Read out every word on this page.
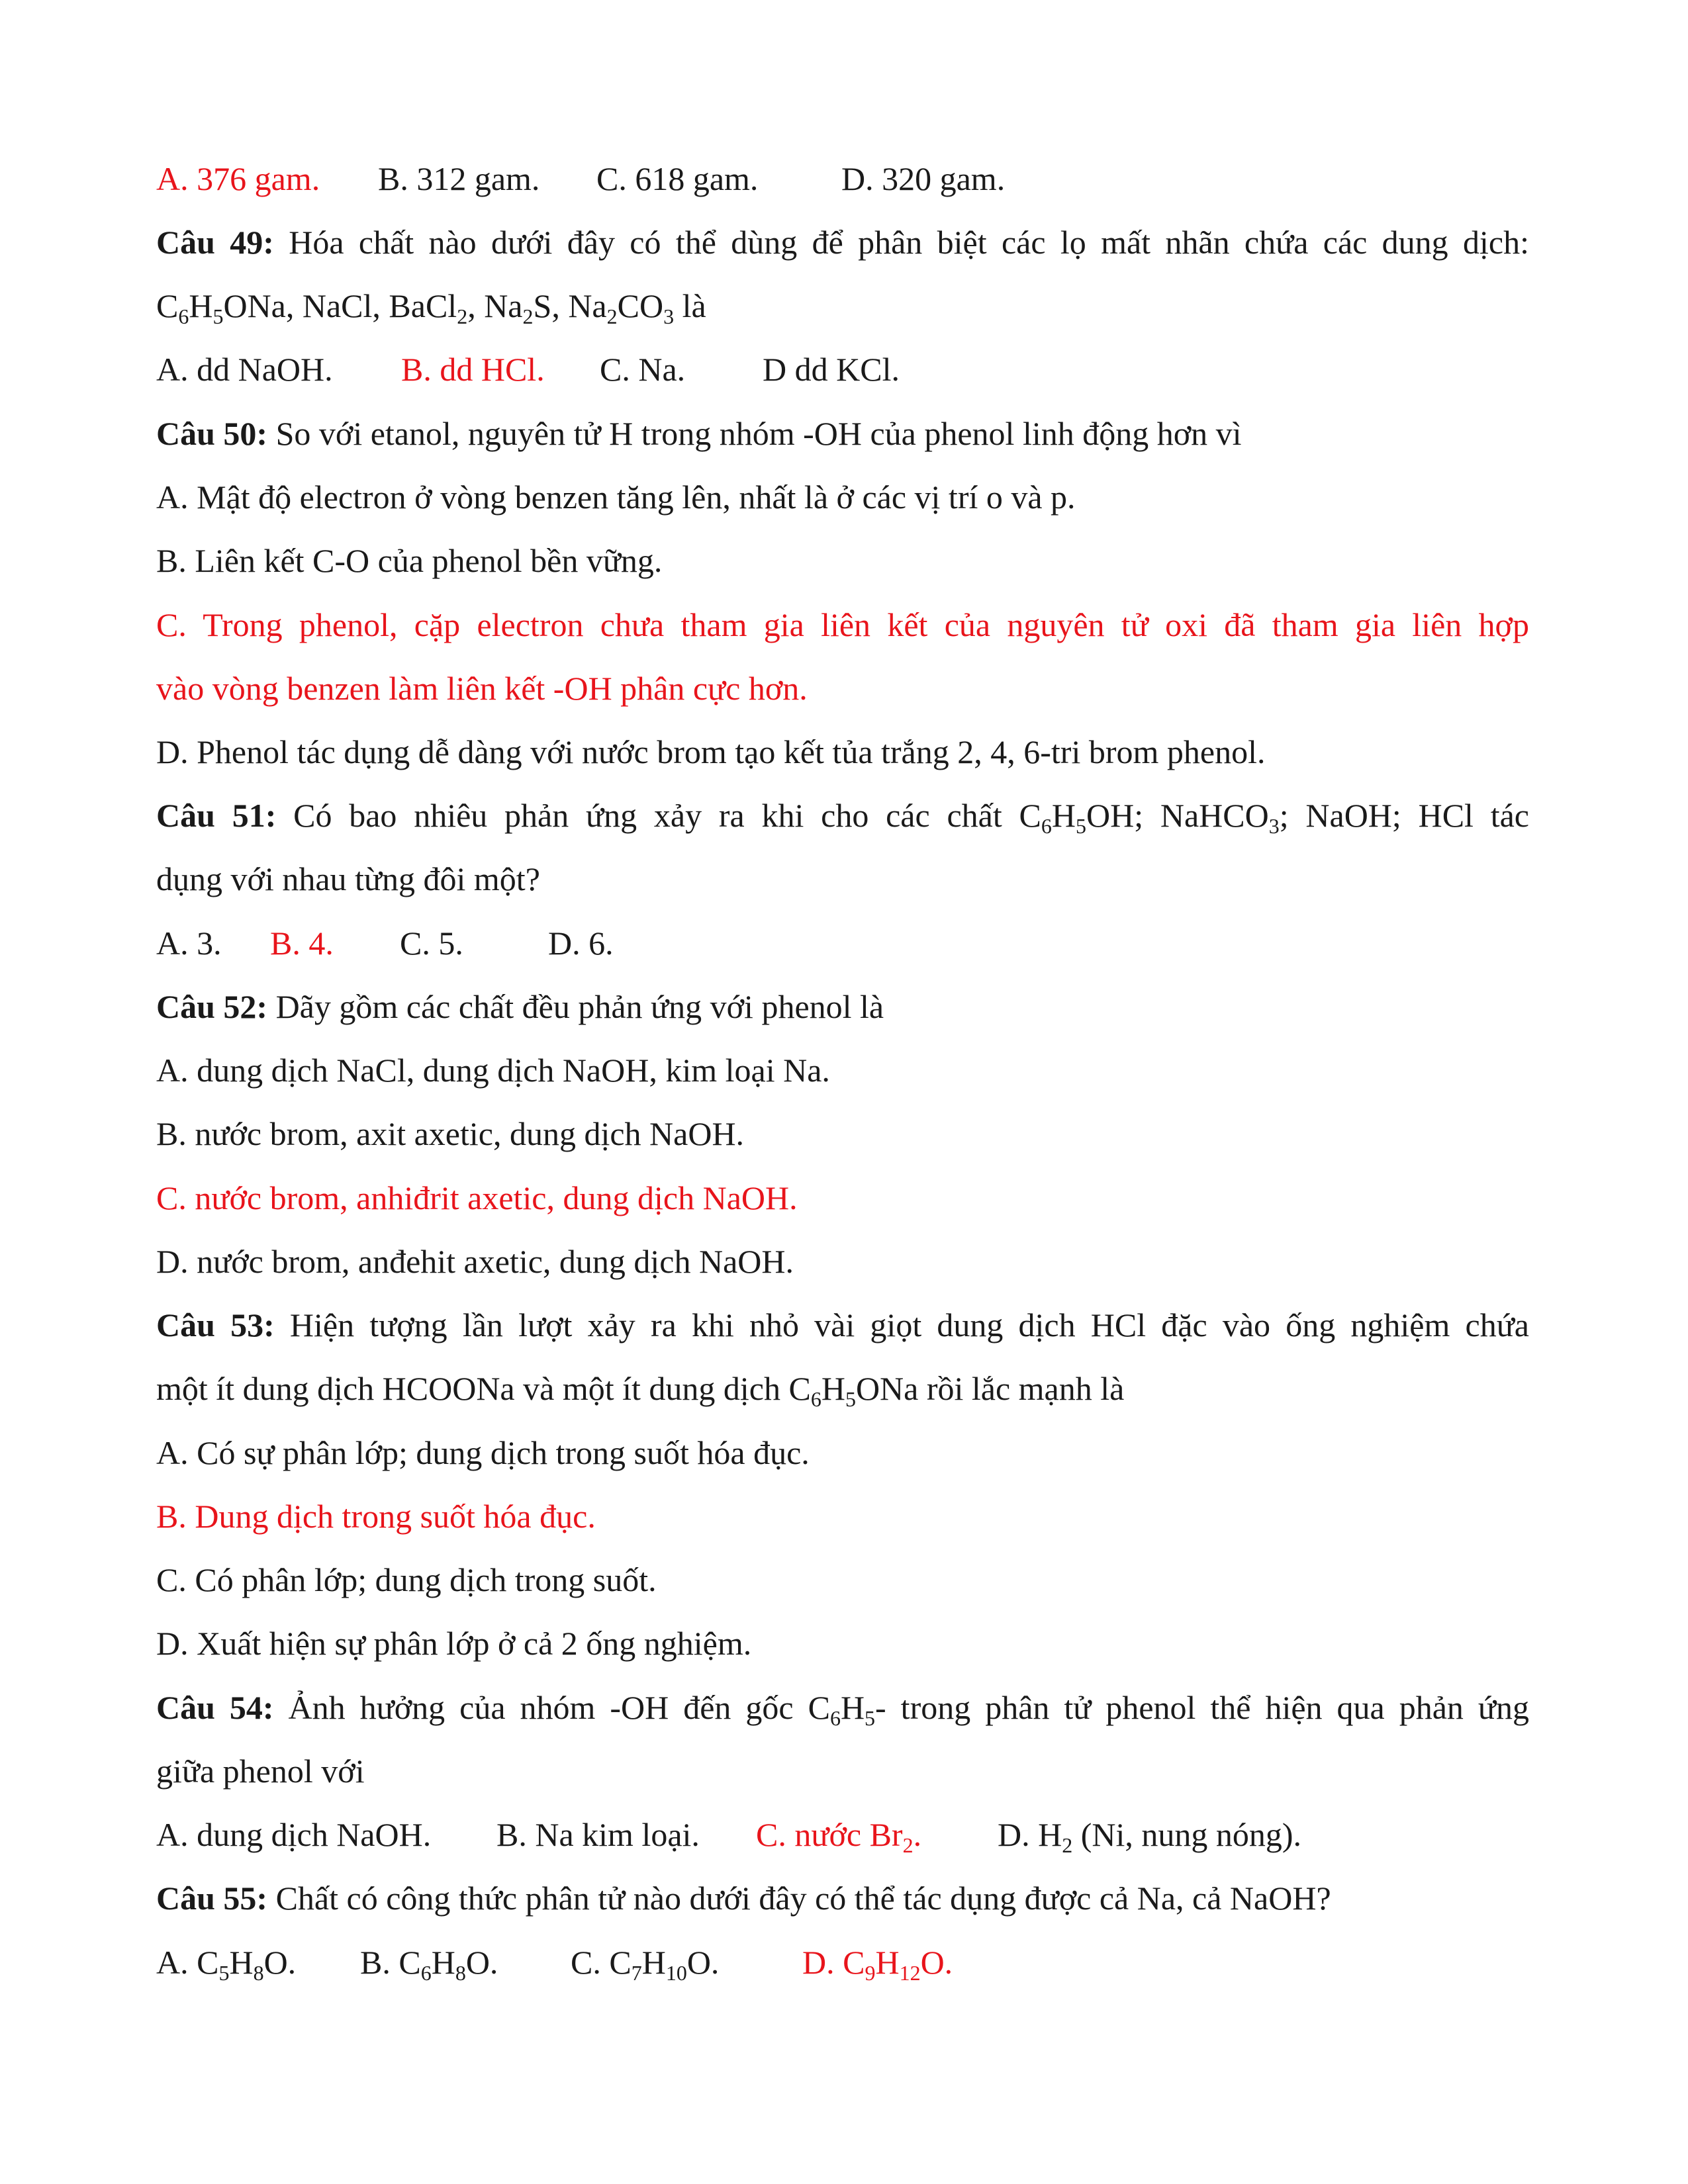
A. 376 gam. B. 312 gam. C. 618 gam.	D. 320 gam.
Câu 49: Hóa chất nào dưới đây có thể dùng để phân biệt các lọ mất nhãn chứa các dung dịch:
$C_6H_5ONa$, NaCl, BaCl$_2$, $Na_2S$, $Na_2CO_3$ là
A. dd NaOH. B. dd HCl. C. Na. D dd KCl.
Câu 50: So với etanol, nguyên tử H trong nhóm -OH của phenol linh động hơn vì
A. Mật độ electron ở vòng benzen tăng lên, nhất là ở các vị trí o và p.
B. Liên kết C-O của phenol bền vững.
C. Trong phenol, cặp electron chưa tham gia liên kết của nguyên tử oxi đã tham gia liên hợp
vào vòng benzen làm liên kết -OH phân cực hơn.
D. Phenol tác dụng dễ dàng với nước brom tạo kết tủa trắng 2, 4, 6-tri brom phenol.
Câu 51: Có bao nhiêu phản ứng xảy ra khi cho các chất $C_6H_5OH$; NaHCO$_3$; NaOH; HCl tác
dụng với nhau từng đôi một?
A. 3. B. 4. C. 5.	D. 6.
Câu 52: Dãy gồm các chất đều phản ứng với phenol là
A. dung dịch NaCl, dung dịch NaOH, kim loại Na.
B. nước brom, axit axetic, dung dịch NaOH.
C. nước brom, anhiđrit axetic, dung dịch NaOH.
D. nước brom, anđehit axetic, dung dịch NaOH.
Câu 53: Hiện tượng lần lượt xảy ra khi nhỏ vài giọt dung dịch HCl đặc vào ống nghiệm chứa
một ít dung dịch HCOONa và một ít dung dịch $C_6H_5ONa$ rồi lắc mạnh là
A. Có sự phân lớp; dung dịch trong suốt hóa đục.
B. Dung dịch trong suốt hóa đục.
C. Có phân lớp; dung dịch trong suốt.
D. Xuất hiện sự phân lớp ở cả 2 ống nghiệm.
Câu 54: Ảnh hưởng của nhóm -OH đến gốc $C_6H_5-$ trong phân tử phenol thể hiện qua phản ứng
giữa phenol với
A. dung dịch NaOH. B. Na kim loại. C. nước $Br_2$. D. $H_2$ (Ni, nung nóng).
Câu 55: Chất có công thức phân tử nào dưới đây có thể tác dụng được cả Na, cả NaOH?
A. $C_5H_8O$. B. $C_6H_8O$. C. $C_7H_{10}O$.	D. $C_9H_{12}O$.
